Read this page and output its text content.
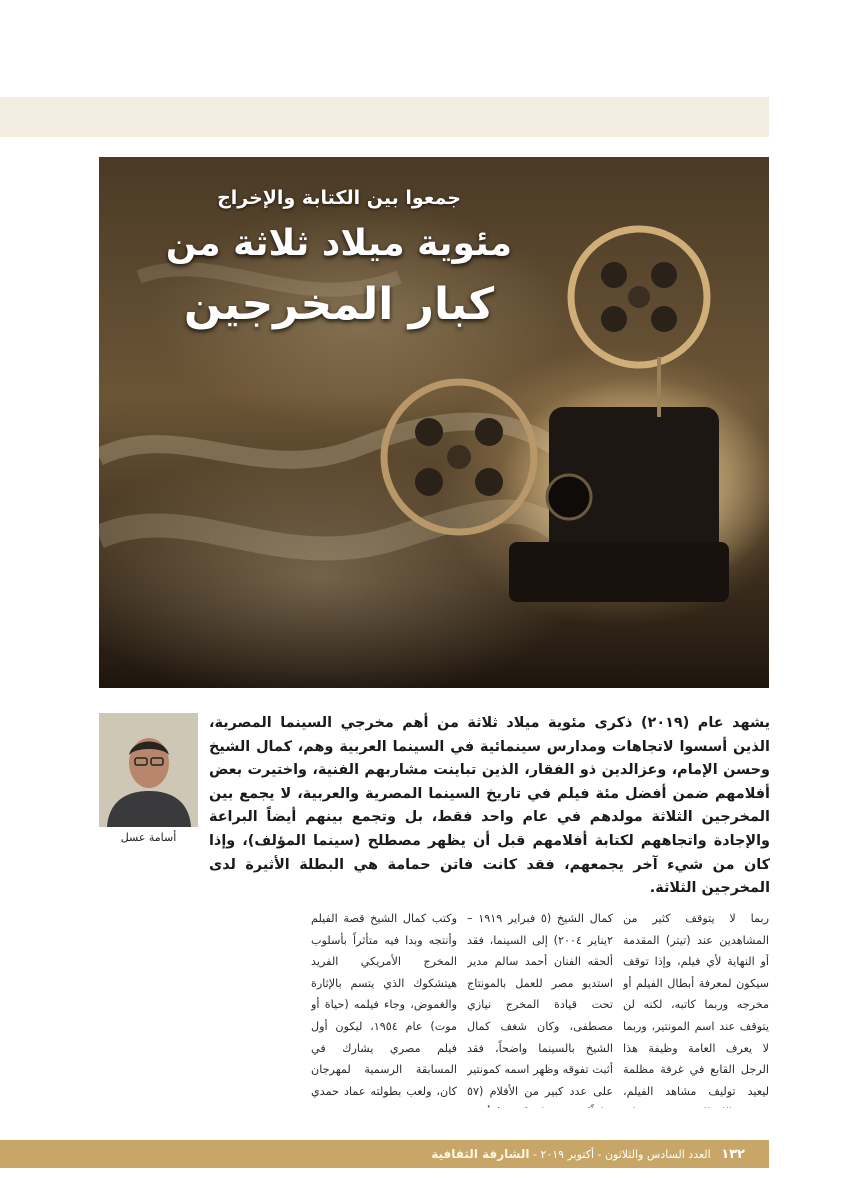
جمعوا بين الكتابة والإخراج
مئوية ميلاد ثلاثة من
كبار المخرجين
أسامة عسل
يشهد عام (٢٠١٩) ذكرى مئوية ميلاد ثلاثة من أهم مخرجي السينما المصرية، الذين أسسوا لاتجاهات ومدارس سينمائية في السينما العربية وهم، كمال الشيخ وحسن الإمام، وعزالدين ذو الفقار، الذين تباينت مشاربهم الفنية، واختيرت بعض أفلامهم ضمن أفضل مئة فيلم في تاريخ السينما المصرية والعربية، لا يجمع بين المخرجين الثلاثة مولدهم في عام واحد فقط، بل وتجمع بينهم أيضاً البراعة والإجادة واتجاههم لكتابة أفلامهم قبل أن يظهر مصطلح (سينما المؤلف)، وإذا كان من شيء آخر يجمعهم، فقد كانت فاتن حمامة هي البطلة الأثيرة لدى المخرجين الثلاثة.
ربما لا يتوقف كثير من المشاهدين عند (تيتر) المقدمة أو النهاية لأي فيلم، وإذا توقف سيكون لمعرفة أبطال الفيلم أو مخرجه وربما كاتبه، لكنه لن يتوقف عند اسم المونتير، وربما لا يعرف العامة وظيفة هذا الرجل القابع في غرفة مظلمة ليعيد توليف مشاهد الفيلم،
كمال الشيخ (٥ فبراير ١٩١٩ – ٢يناير ٢٠٠٤) إلى السينما، فقد ألحقه الفنان أحمد سالم مدير استديو مصر للعمل بالمونتاج تحت قيادة المخرج نيازي مصطفى، وكان شغف كمال الشيخ بالسينما واضحاً، فقد أثبت تفوقه وظهر اسمه كمونتير على عدد كبير من الأفلام (٥٧
وكتب كمال الشيخ قصة الفيلم وأنتجه وبدا فيه متأثراً بأسلوب المخرج الأمريكي الفريد هيتشكوك الذي يتسم بالإثارة والغموض، وجاء فيلمه (حياة أو موت) عام ١٩٥٤، ليكون أول فيلم مصري يشارك في المسابقة الرسمية لمهرجان كان، ولعب بطولته عماد حمدي
١٣٢   العدد السادس والثلاثون - أكتوبر ٢٠١٩ - الشارقة الثقافية
